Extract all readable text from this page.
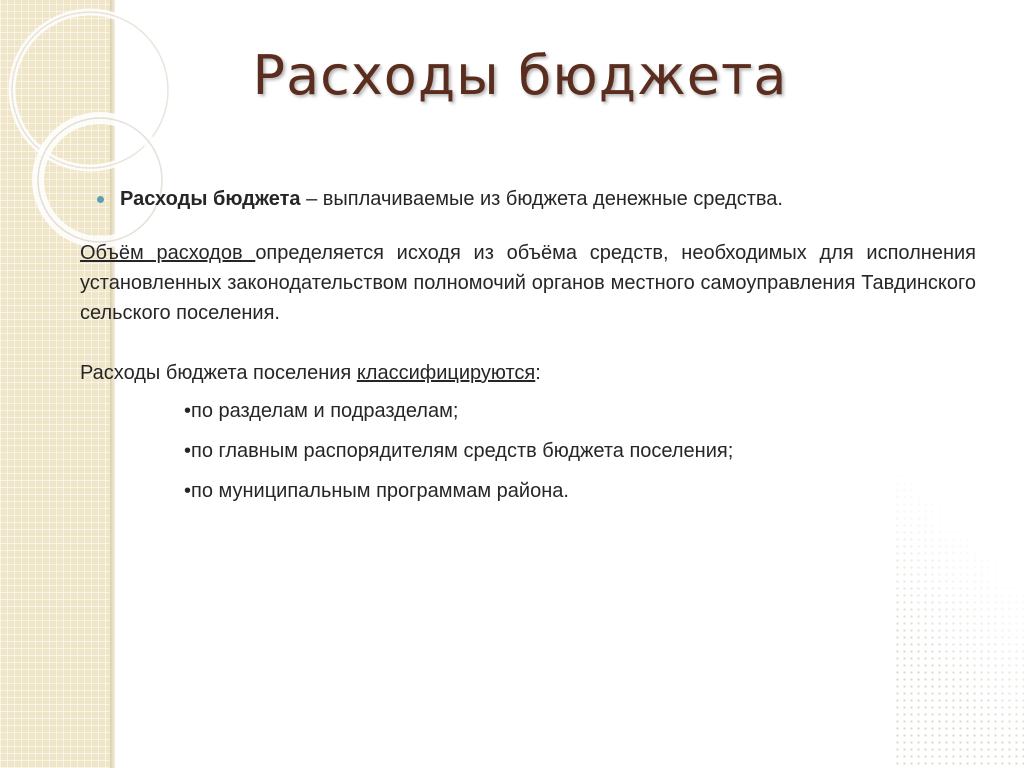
Расходы бюджета

Расходы бюджета – выплачиваемые из бюджета денежные средства.

Объём расходов определяется исходя из объёма средств, необходимых для исполнения установленных законодательством полномочий органов местного самоуправления Тавдинского сельского поселения.

Расходы бюджета поселения классифицируются:

•по разделам и подразделам;

•по главным распорядителям средств бюджета поселения;

•по муниципальным программам района.
